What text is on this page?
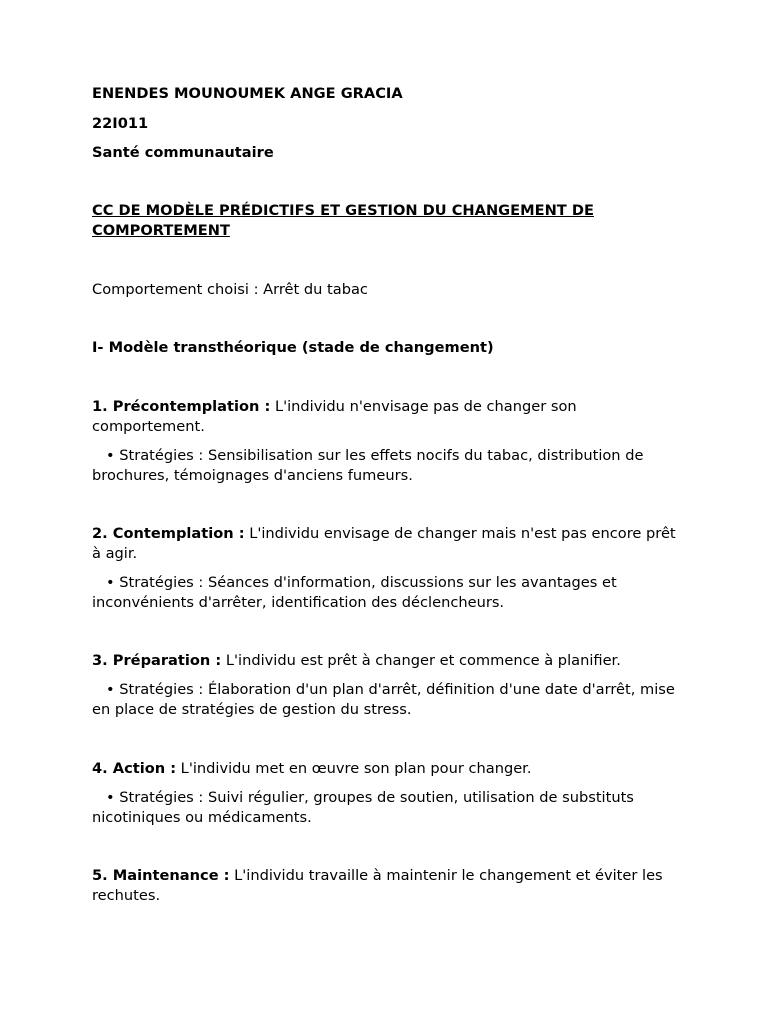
ENENDES MOUNOUMEK ANGE GRACIA

22I011

Santé communautaire

CC DE MODÈLE PRÉDICTIFS ET GESTION DU CHANGEMENT DE COMPORTEMENT

Comportement choisi : Arrêt du tabac

I- Modèle transthéorique (stade de changement)

1. Précontemplation : L'individu n'envisage pas de changer son comportement.

• Stratégies : Sensibilisation sur les effets nocifs du tabac, distribution de brochures, témoignages d'anciens fumeurs.

2. Contemplation : L'individu envisage de changer mais n'est pas encore prêt à agir.

• Stratégies : Séances d'information, discussions sur les avantages et inconvénients d'arrêter, identification des déclencheurs.

3. Préparation : L'individu est prêt à changer et commence à planifier.

• Stratégies : Élaboration d'un plan d'arrêt, définition d'une date d'arrêt, mise en place de stratégies de gestion du stress.

4. Action : L'individu met en œuvre son plan pour changer.

• Stratégies : Suivi régulier, groupes de soutien, utilisation de substituts nicotiniques ou médicaments.

5. Maintenance : L'individu travaille à maintenir le changement et éviter les rechutes.
